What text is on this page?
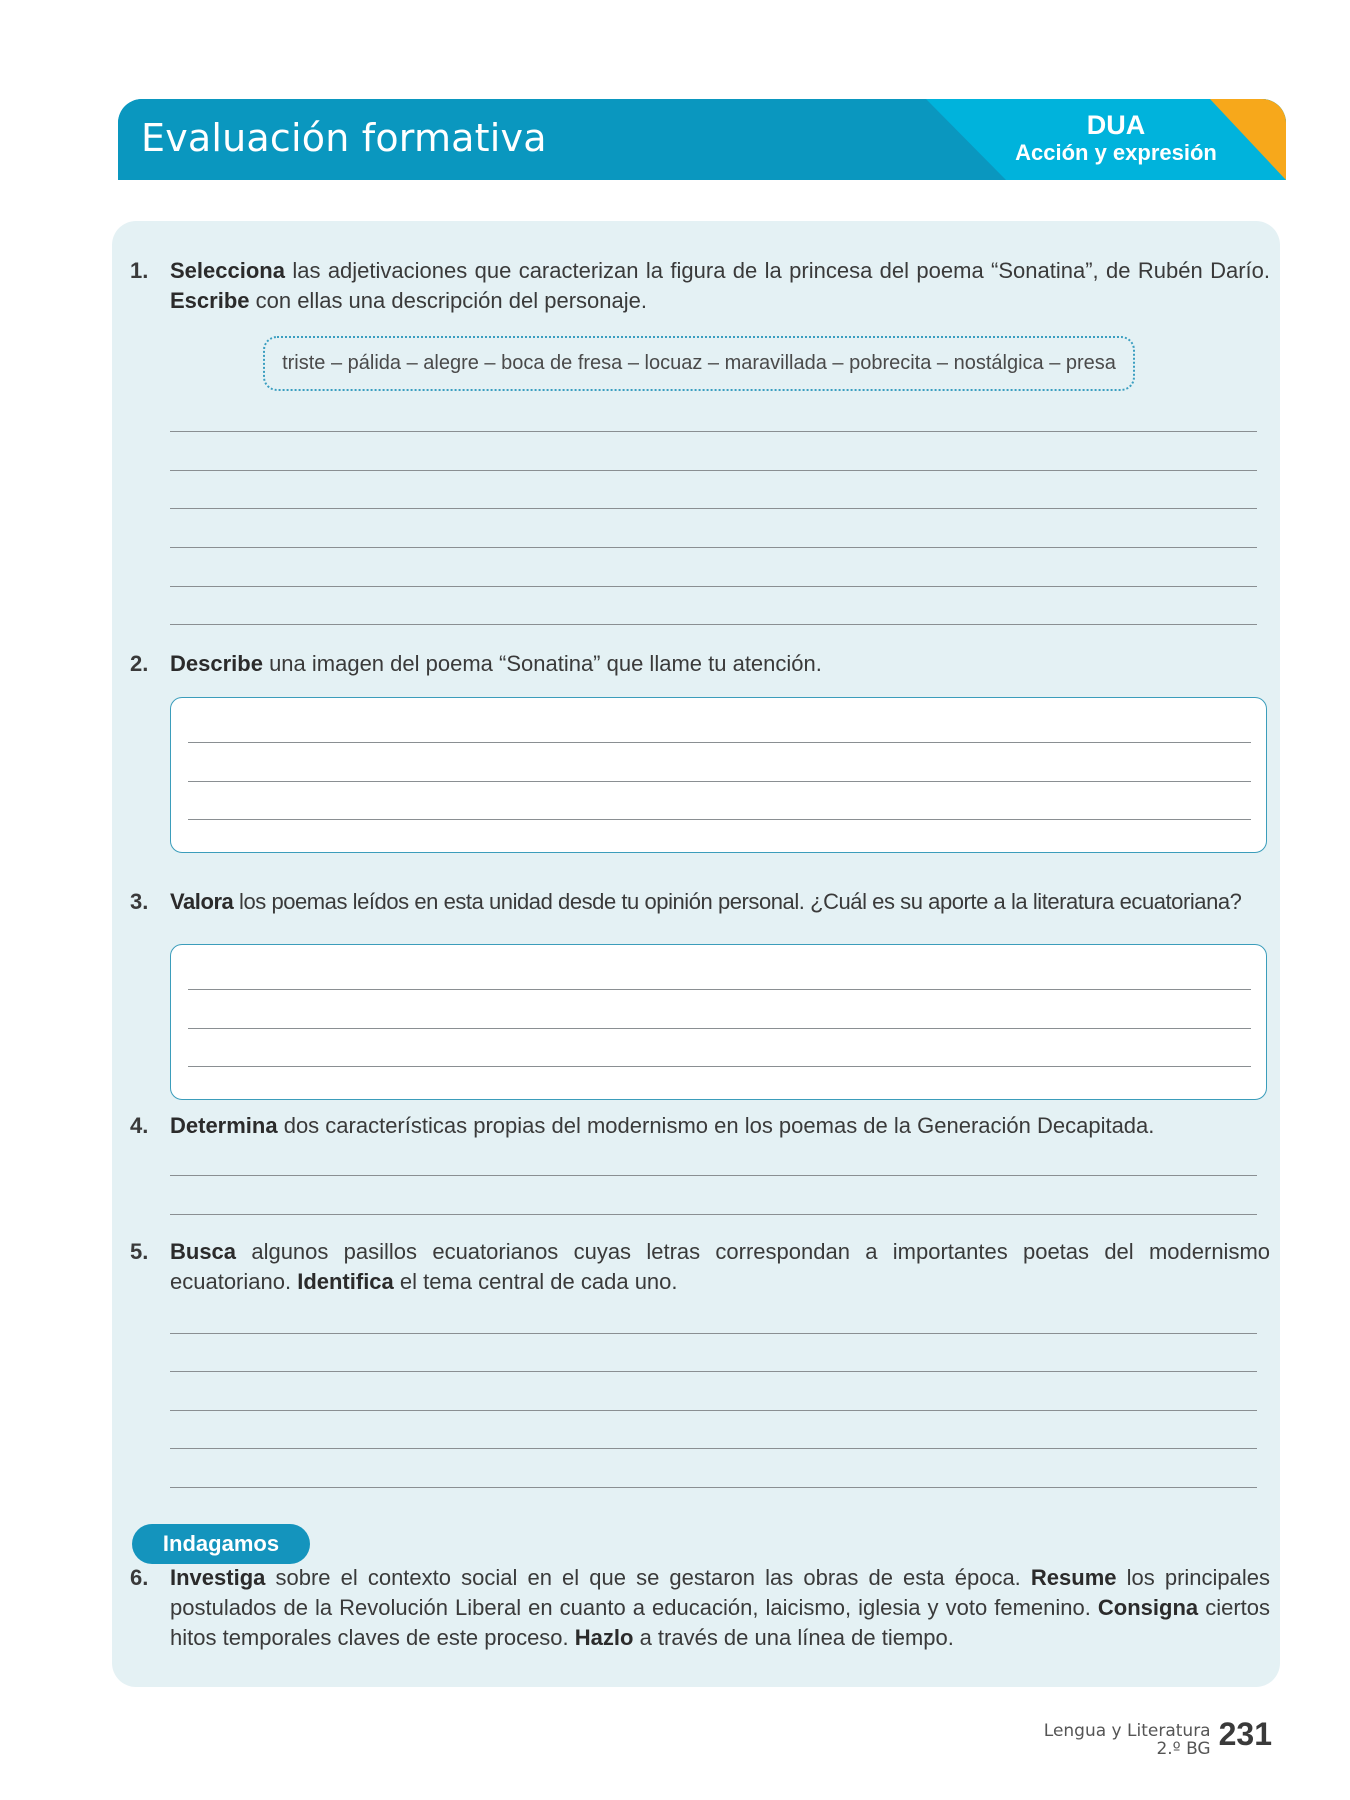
Evaluación formativa	DUA
Acción y expresión
1. Selecciona las adjetivaciones que caracterizan la figura de la princesa del poema “Sonatina”, de Rubén Darío. Escribe con ellas una descripción del personaje.
triste – pálida – alegre – boca de fresa – locuaz – maravillada – pobrecita – nostálgica – presa
2. Describe una imagen del poema “Sonatina” que llame tu atención.
3. Valora los poemas leídos en esta unidad desde tu opinión personal. ¿Cuál es su aporte a la literatura ecuatoriana?
4. Determina dos características propias del modernismo en los poemas de la Generación Decapitada.
5. Busca algunos pasillos ecuatorianos cuyas letras correspondan a importantes poetas del modernismo ecuatoriano. Identifica el tema central de cada uno.
Indagamos
6. Investiga sobre el contexto social en el que se gestaron las obras de esta época. Resume los principales postulados de la Revolución Liberal en cuanto a educación, laicismo, iglesia y voto femenino. Consigna ciertos hitos temporales claves de este proceso. Hazlo a través de una línea de tiempo.
Lengua y Literatura
2.º BG 231
